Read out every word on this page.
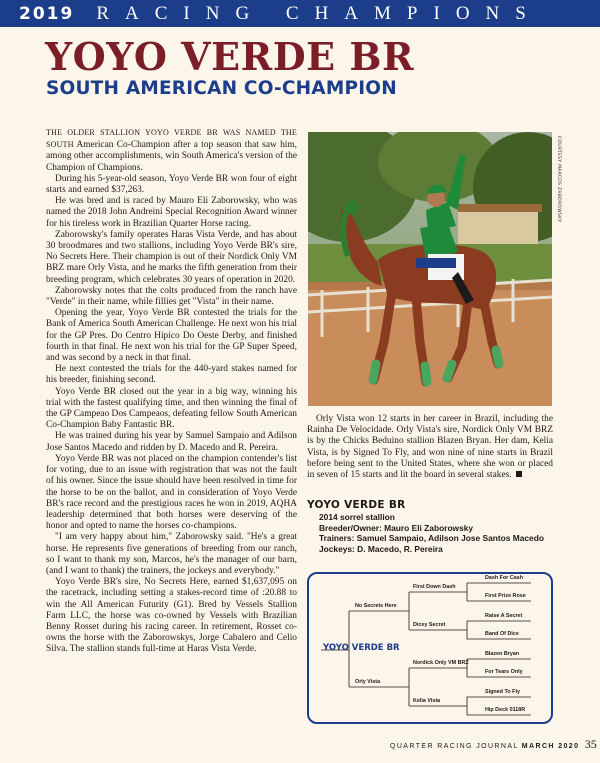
2019 RACING CHAMPIONS
YOYO VERDE BR
SOUTH AMERICAN CO-CHAMPION

THE OLDER STALLION YOYO VERDE BR WAS NAMED THE SOUTH American Co-Champion after a top season that saw him, among other accomplishments, win South America's version of the Champion of Champions.

During his 5-year-old season, Yoyo Verde BR won four of eight starts and earned $37,263.

He was bred and is raced by Mauro Eli Zaborowsky, who was named the 2018 John Andreini Special Recognition Award winner for his tireless work in Brazilian Quarter Horse racing.

Zaborowsky's family operates Haras Vista Verde, and has about 30 broodmares and two stallions, including Yoyo Verde BR's sire, No Secrets Here. Their champion is out of their Nordick Only VM BRZ mare Orly Vista, and he marks the fifth generation from their breeding program, which celebrates 30 years of operation in 2020.

Zaborowsky notes that the colts produced from the ranch have "Verde" in their name, while fillies get "Vista" in their name.

Opening the year, Yoyo Verde BR contested the trials for the Bank of America South American Challenge. He next won his trial for the GP Pres. Do Centro Hipico Do Oeste Derby, and finished fourth in that final. He next won his trial for the GP Super Speed, and was second by a neck in that final.

He next contested the trials for the 440-yard stakes named for his breeder, finishing second.

Yoyo Verde BR closed out the year in a big way, winning his trial with the fastest qualifying time, and then winning the final of the GP Campeao Dos Campeaos, defeating fellow South American Co-Champion Baby Fantastic BR.

He was trained during his year by Samuel Sampaio and Adilson Jose Santos Macedo and ridden by D. Macedo and R. Pereira.

Yoyo Verde BR was not placed on the champion contender's list for voting, due to an issue with registration that was not the fault of his owner. Since the issue should have been resolved in time for the horse to be on the ballot, and in consideration of Yoyo Verde BR's race record and the prestigious races he won in 2019, AQHA leadership determined that both horses were deserving of the honor and opted to name the horses co-champions.

"I am very happy about him," Zaborowsky said. "He's a great horse. He represents five generations of breeding from our ranch, so I want to thank my son, Marcos, he's the manager of our barn, (and I want to thank) the trainers, the jockeys and everybody."

Yoyo Verde BR's sire, No Secrets Here, earned $1,637,095 on the racetrack, including setting a stakes-record time of :20.88 to win the All American Futurity (G1). Bred by Vessels Stallion Farm LLC, the horse was co-owned by Vessels with Brazilian Benny Rosset during his racing career. In retirement, Rosset co-owns the horse with the Zaborowskys, Jorge Cabalero and Celio Silva. The stallion stands full-time at Haras Vista Verde.

COURTESY MARCOS ZABOROWSKY

Orly Vista won 12 starts in her career in Brazil, including the Rainha De Velocidade. Orly Vista's sire, Nordick Only VM BRZ is by the Chicks Beduino stallion Blazen Bryan. Her dam, Kelia Vista, is by Signed To Fly, and won nine of nine starts in Brazil before being sent to the United States, where she won or placed in seven of 15 starts and lit the board in several stakes.

YOYO VERDE BR
2014 sorrel stallion
Breeder/Owner: Mauro Eli Zaborowsky
Trainers: Samuel Sampaio, Adilson Jose Santos Macedo
Jockeys: D. Macedo, R. Pereira
YOYO VERDE BR
No Secrets Here
Orly Vista
First Down Dash
Dicey Secret
Nordick Only VM BRZ
Kelia Vista
Dash For Cash
First Prize Rose
Raise A Secret
Band Of Dice
Blazen Bryan
For Tears Only
Signed To Fly
Hip Deck 0118R
QUARTER RACING JOURNAL MARCH 2020 35
